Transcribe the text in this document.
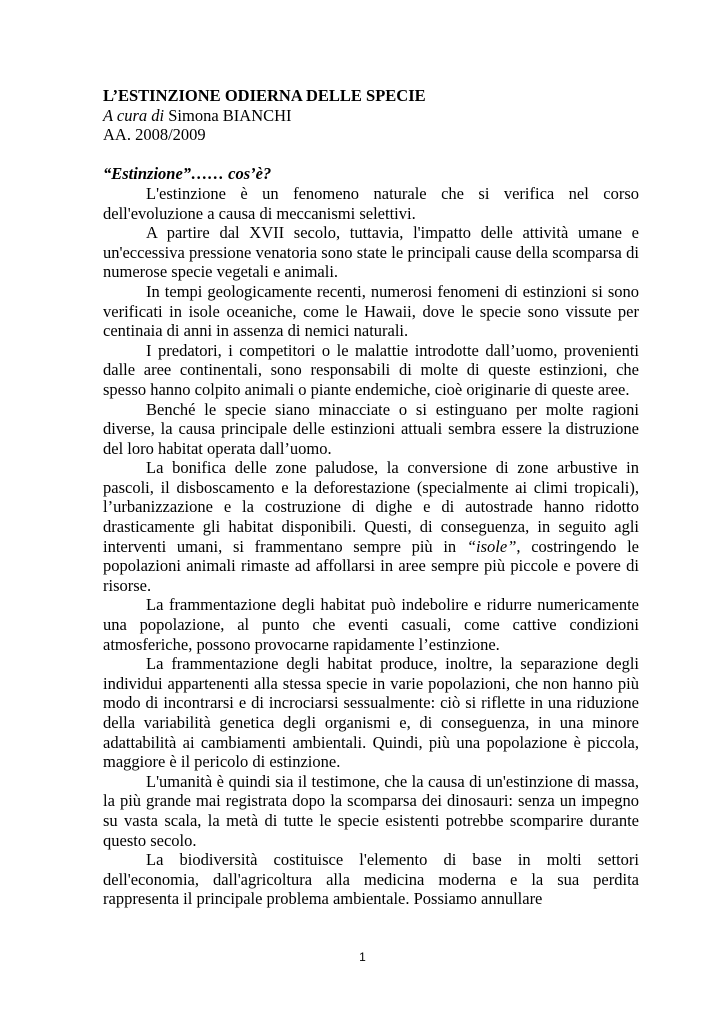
L’ESTINZIONE ODIERNA DELLE SPECIE

A cura di Simona BIANCHI

AA. 2008/2009

“Estinzione”…… cos’è?

L'estinzione è un fenomeno naturale che si verifica nel corso dell'evoluzione a causa di meccanismi selettivi.

A partire dal XVII secolo, tuttavia, l'impatto delle attività umane e un'eccessiva pressione venatoria sono state le principali cause della scomparsa di numerose specie vegetali e animali.

In tempi geologicamente recenti, numerosi fenomeni di estinzioni si sono verificati in isole oceaniche, come le Hawaii, dove le specie sono vissute per centinaia di anni in assenza di nemici naturali.

I predatori, i competitori o le malattie introdotte dall’uomo, provenienti dalle aree continentali, sono responsabili di molte di queste estinzioni, che spesso hanno colpito animali o piante endemiche, cioè originarie di queste aree.

Benché le specie siano minacciate o si estinguano per molte ragioni diverse, la causa principale delle estinzioni attuali sembra essere la distruzione del loro habitat operata dall’uomo.

La bonifica delle zone paludose, la conversione di zone arbustive in pascoli, il disboscamento e la deforestazione (specialmente ai climi tropicali), l’urbanizzazione e la costruzione di dighe e di autostrade hanno ridotto drasticamente gli habitat disponibili. Questi, di conseguenza, in seguito agli interventi umani, si frammentano sempre più in “isole”, costringendo le popolazioni animali rimaste ad affollarsi in aree sempre più piccole e povere di risorse.

La frammentazione degli habitat può indebolire e ridurre numericamente una popolazione, al punto che eventi casuali, come cattive condizioni atmosferiche, possono provocarne rapidamente l’estinzione.

La frammentazione degli habitat produce, inoltre, la separazione degli individui appartenenti alla stessa specie in varie popolazioni, che non hanno più modo di incontrarsi e di incrociarsi sessualmente: ciò si riflette in una riduzione della variabilità genetica degli organismi e, di conseguenza, in una minore adattabilità ai cambiamenti ambientali. Quindi, più una popolazione è piccola, maggiore è il pericolo di estinzione.

L'umanità è quindi sia il testimone, che la causa di un'estinzione di massa, la più grande mai registrata dopo la scomparsa dei dinosauri: senza un impegno su vasta scala, la metà di tutte le specie esistenti potrebbe scomparire durante questo secolo.

La biodiversità costituisce l'elemento di base in molti settori dell'economia, dall'agricoltura alla medicina moderna e la sua perdita rappresenta il principale problema ambientale. Possiamo annullare

1
